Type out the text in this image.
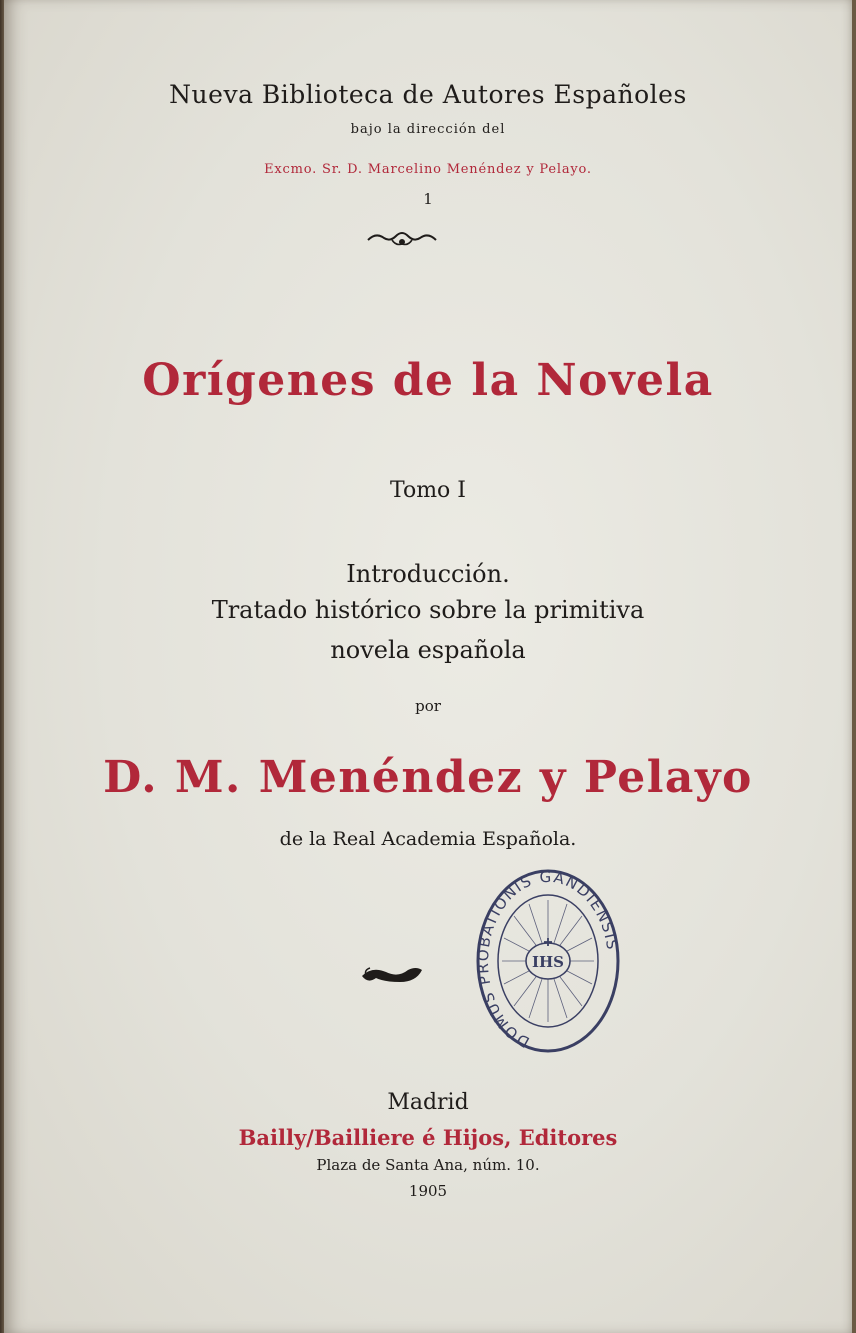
Nueva Biblioteca de Autores Españoles
bajo la dirección del
Excmo. Sr. D. Marcelino Menéndez y Pelayo.
1
Orígenes de la Novela
Tomo I
Introducción.
Tratado histórico sobre la primitiva
novela española
por
D. M. Menéndez y Pelayo
de la Real Academia Española.
DOMUS PROBATIONIS GANDIENSIS
IHS
Madrid
Bailly/Bailliere é Hijos, Editores
Plaza de Santa Ana, núm. 10.
1905
